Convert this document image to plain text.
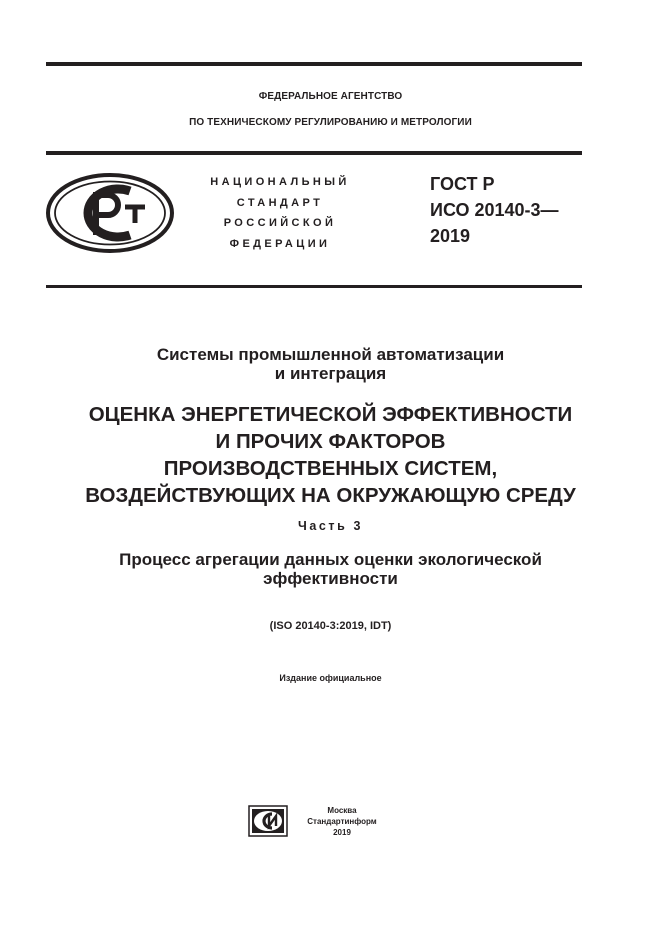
ФЕДЕРАЛЬНОЕ АГЕНТСТВО
ПО ТЕХНИЧЕСКОМУ РЕГУЛИРОВАНИЮ И МЕТРОЛОГИИ
НАЦИОНАЛЬНЫЙ
СТАНДАРТ
РОССИЙСКОЙ
ФЕДЕРАЦИИ
ГОСТ Р
ИСО 20140-3—
2019
Системы промышленной автоматизации
и интеграция
ОЦЕНКА ЭНЕРГЕТИЧЕСКОЙ ЭФФЕКТИВНОСТИ
И ПРОЧИХ ФАКТОРОВ
ПРОИЗВОДСТВЕННЫХ СИСТЕМ,
ВОЗДЕЙСТВУЮЩИХ НА ОКРУЖАЮЩУЮ СРЕДУ
Часть 3
Процесс агрегации данных оценки экологической
эффективности
(ISO 20140-3:2019, IDT)
Издание официальное
Москва
Стандартинформ
2019
